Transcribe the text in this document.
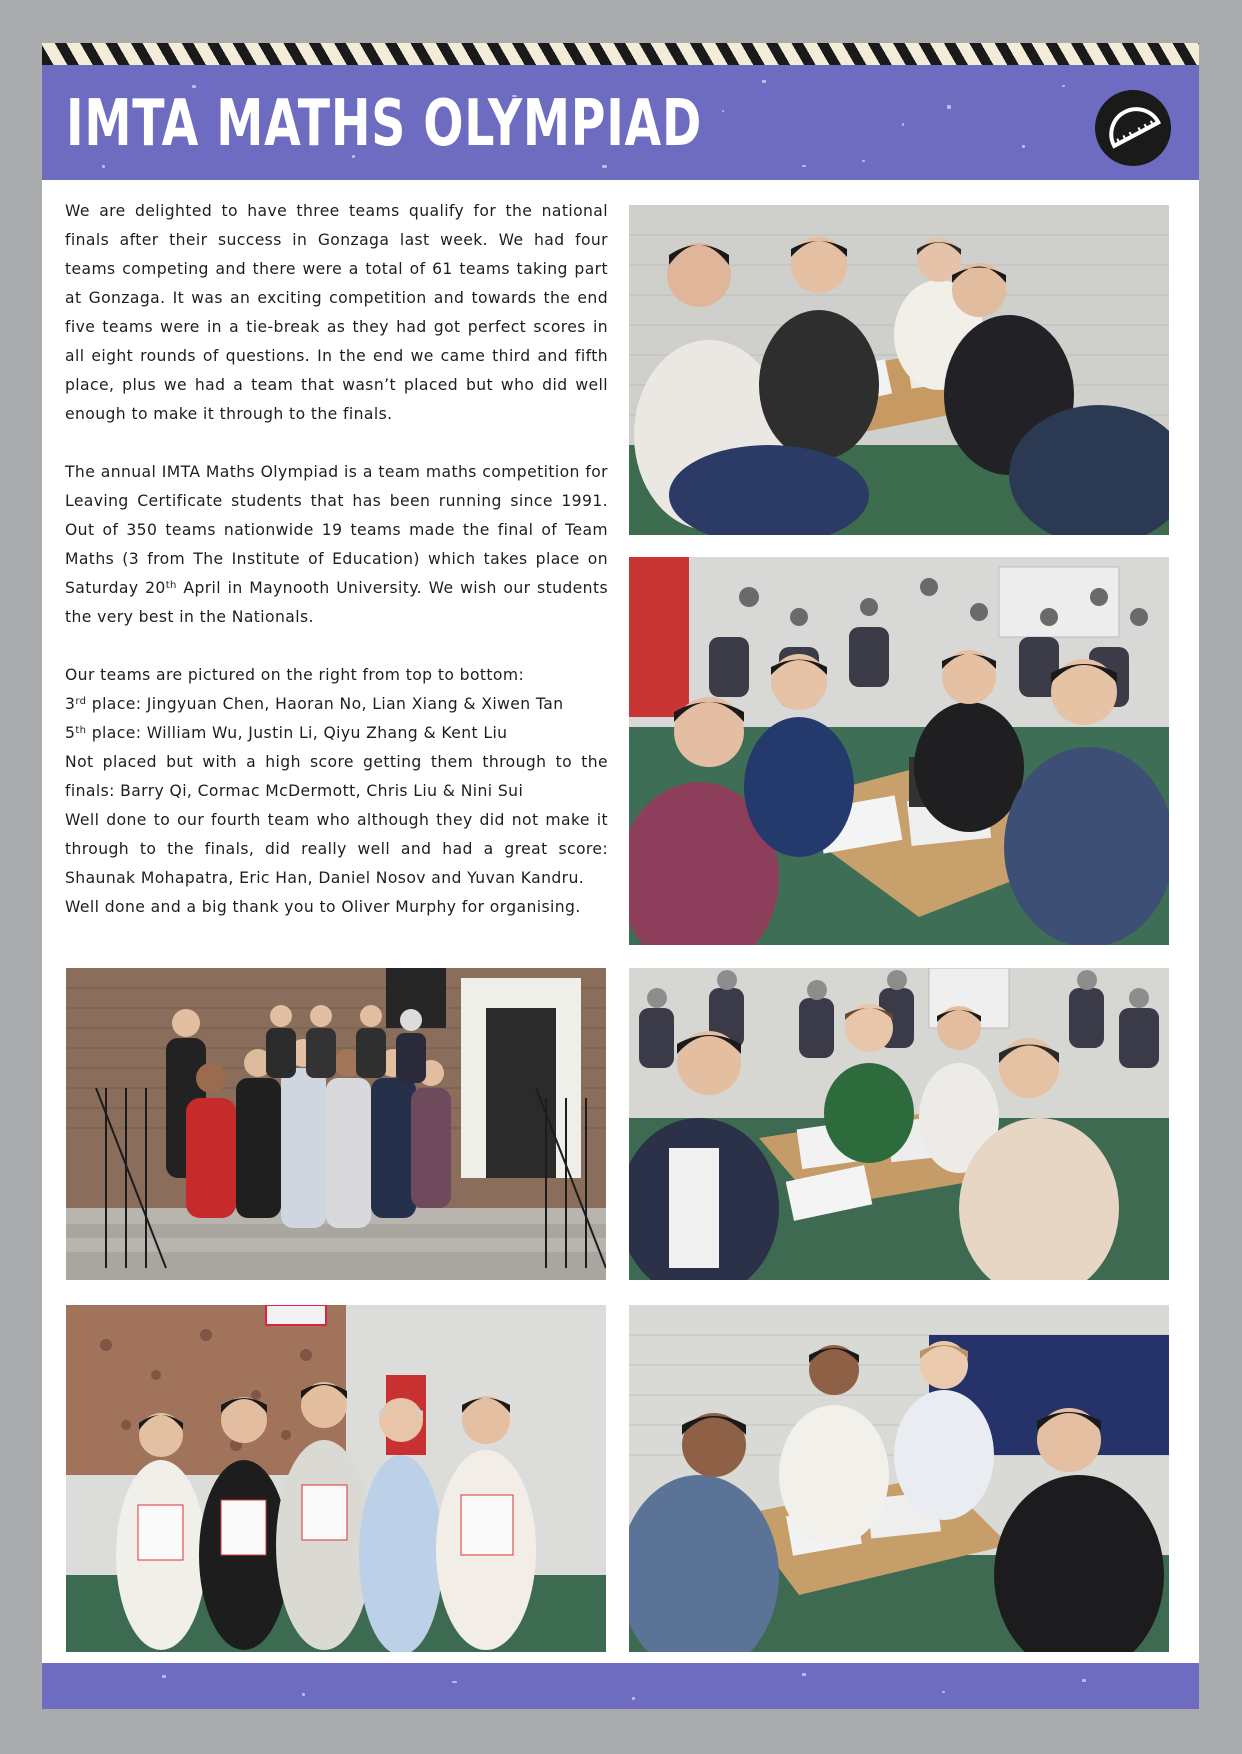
IMTA MATHS OLYMPIAD

We are delighted to have three teams qualify for the national finals after their success in Gonzaga last week. We had four teams competing and there were a total of 61 teams taking part at Gonzaga. It was an exciting competition and towards the end five teams were in a tie-break as they had got perfect scores in all eight rounds of questions. In the end we came third and fifth place, plus we had a team that wasn’t placed but who did well enough to make it through to the finals.

The annual IMTA Maths Olympiad is a team maths competition for Leaving Certificate students that has been running since 1991. Out of 350 teams nationwide 19 teams made the final of Team Maths (3 from The Institute of Education) which takes place on Saturday 20th April in Maynooth University. We wish our students the very best in the Nationals.

Our teams are pictured on the right from top to bottom:

3rd place: Jingyuan Chen, Haoran No, Lian Xiang & Xiwen Tan

5th place: William Wu, Justin Li, Qiyu Zhang & Kent Liu

Not placed but with a high score getting them through to the finals: Barry Qi, Cormac McDermott, Chris Liu & Nini Sui

Well done to our fourth team who although they did not make it through to the finals, did really well and had a great score: Shaunak Mohapatra, Eric Han, Daniel Nosov and Yuvan Kandru.

Well done and a big thank you to Oliver Murphy for organising.
